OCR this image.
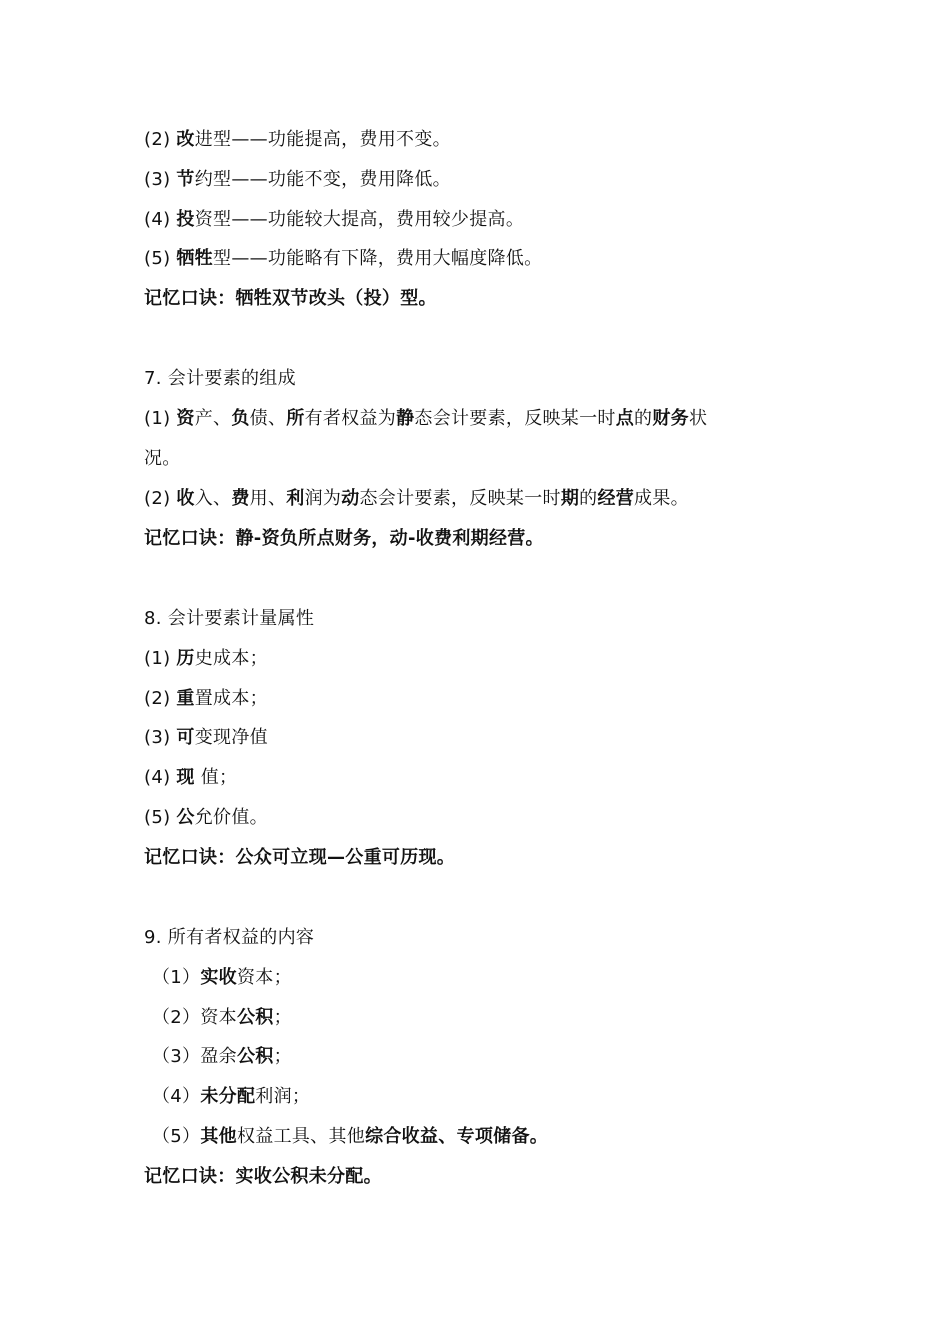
(2) 改进型——功能提高，费用不变。
(3) 节约型——功能不变，费用降低。
(4) 投资型——功能较大提高，费用较少提高。
(5) 牺牲型——功能略有下降，费用大幅度降低。
记忆口诀：牺牲双节改头（投）型。
7. 会计要素的组成
(1) 资产、负债、所有者权益为静态会计要素，反映某一时点的财务状
况。
(2) 收入、费用、利润为动态会计要素，反映某一时期的经营成果。
记忆口诀：静-资负所点财务，动-收费利期经营。
8. 会计要素计量属性
(1) 历史成本；
(2) 重置成本；
(3) 可变现净值
(4) 现 值；
(5) 公允价值。
记忆口诀：公众可立现—公重可历现。
9. 所有者权益的内容
（1）实收资本；
（2）资本公积；
（3）盈余公积；
（4）未分配利润；
（5）其他权益工具、其他综合收益、专项储备。
记忆口诀：实收公积未分配。
